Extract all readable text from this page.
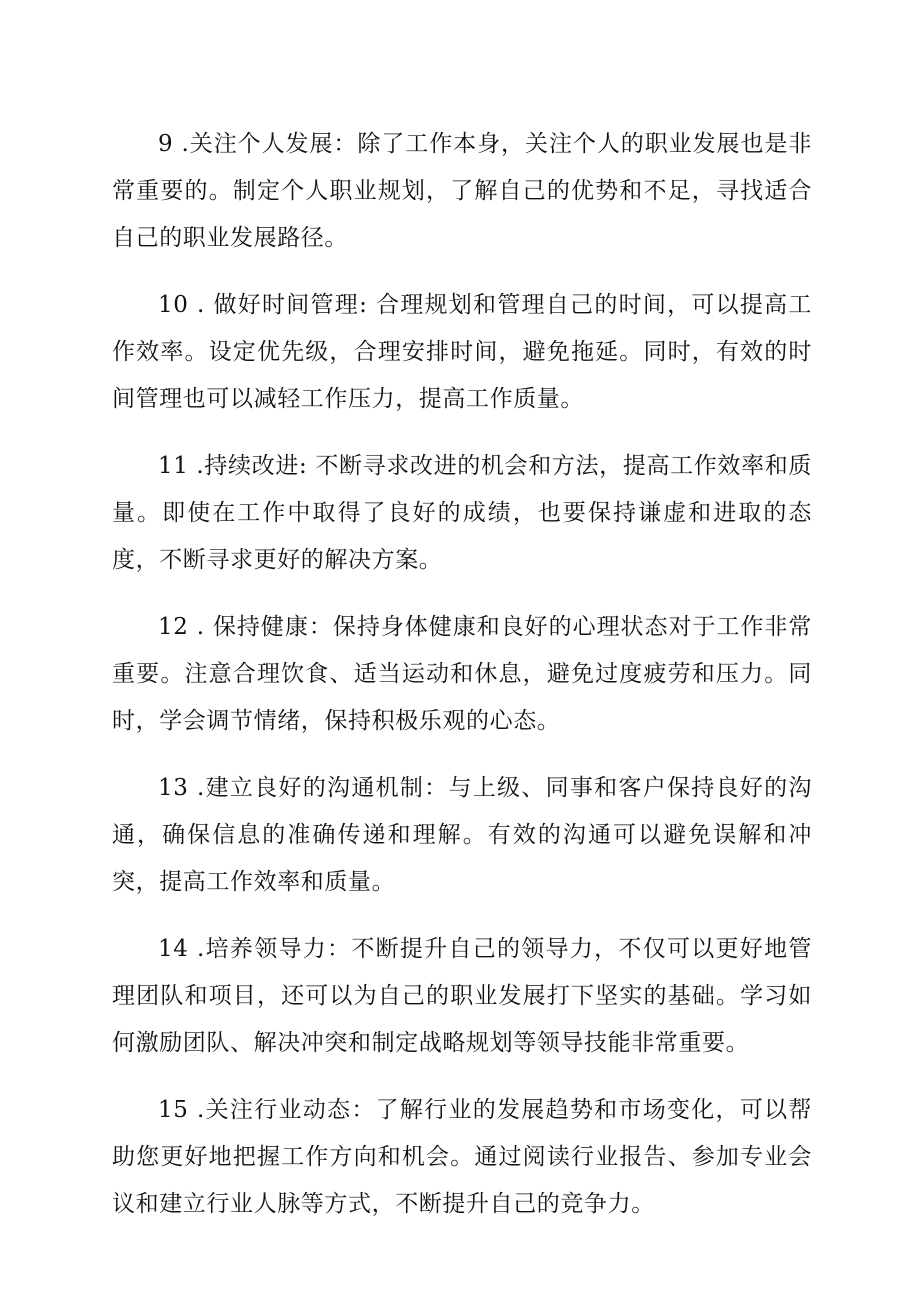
9 .关注个人发展：除了工作本身，关注个人的职业发展也是非常重要的。制定个人职业规划，了解自己的优势和不足，寻找适合自己的职业发展路径。

10 . 做好时间管理: 合理规划和管理自己的时间，可以提高工作效率。设定优先级，合理安排时间，避免拖延。同时，有效的时间管理也可以减轻工作压力，提高工作质量。

11 .持续改进: 不断寻求改进的机会和方法，提高工作效率和质量。即使在工作中取得了良好的成绩，也要保持谦虚和进取的态度，不断寻求更好的解决方案。

12 . 保持健康：保持身体健康和良好的心理状态对于工作非常重要。注意合理饮食、适当运动和休息，避免过度疲劳和压力。同时，学会调节情绪，保持积极乐观的心态。

13 .建立良好的沟通机制：与上级、同事和客户保持良好的沟通，确保信息的准确传递和理解。有效的沟通可以避免误解和冲突，提高工作效率和质量。

14 .培养领导力：不断提升自己的领导力，不仅可以更好地管理团队和项目，还可以为自己的职业发展打下坚实的基础。学习如何激励团队、解决冲突和制定战略规划等领导技能非常重要。

15 .关注行业动态：了解行业的发展趋势和市场变化，可以帮助您更好地把握工作方向和机会。通过阅读行业报告、参加专业会议和建立行业人脉等方式，不断提升自己的竞争力。
